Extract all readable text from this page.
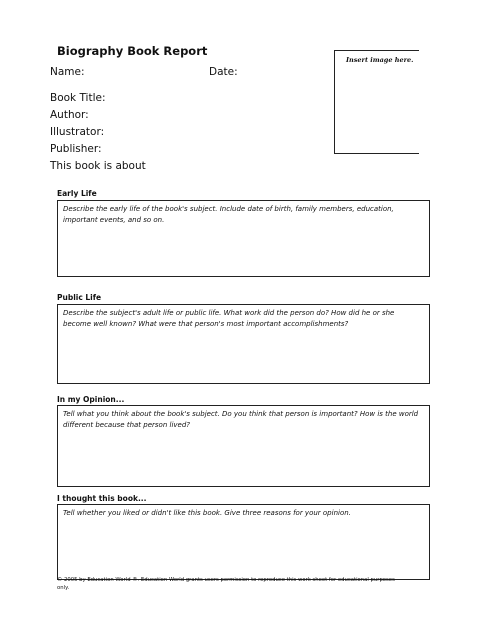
Biography Book Report
Name:	Date:
Insert image here.
Book Title:
Author:
Illustrator:
Publisher:
This book is about
Early Life
Describe the early life of the book's subject. Include date of birth, family members, education, important events, and so on.
Public Life
Describe the subject's adult life or public life. What work did the person do? How did he or she become well known? What were that person's most important accomplishments?
In my Opinion...
Tell what you think about the book's subject. Do you think that person is important? How is the world different because that person lived?
I thought this book...
Tell whether you liked or didn't like this book. Give three reasons for your opinion.
© 2005 by Education World ®. Education World grants users permission to reproduce this work sheet for educational purposes only.
